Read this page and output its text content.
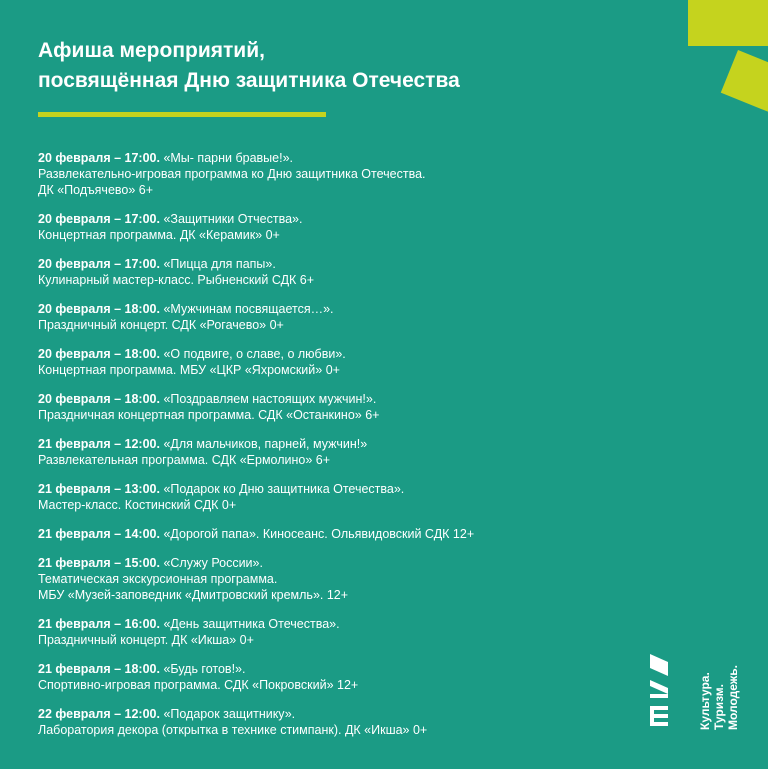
Афиша мероприятий,
посвящённая Дню защитника Отечества
20 февраля – 17:00. «Мы- парни бравые!».
Развлекательно-игровая программа ко Дню защитника Отечества.
ДК «Подъячево» 6+
20 февраля – 17:00. «Защитники Отчества».
Концертная программа. ДК «Керамик» 0+
20 февраля – 17:00. «Пицца для папы».
Кулинарный мастер-класс. Рыбненский СДК 6+
20 февраля – 18:00. «Мужчинам посвящается…».
Праздничный концерт. СДК «Рогачево» 0+
20 февраля – 18:00. «О подвиге, о славе, о любви».
Концертная программа. МБУ «ЦКР «Яхромский» 0+
20 февраля – 18:00. «Поздравляем настоящих мужчин!».
Праздничная концертная программа. СДК «Останкино» 6+
21 февраля – 12:00. «Для мальчиков, парней, мужчин!»
Развлекательная программа. СДК «Ермолино» 6+
21 февраля – 13:00. «Подарок ко Дню защитника Отечества».
Мастер-класс. Костинский СДК 0+
21 февраля – 14:00. «Дорогой папа». Киносеанс. Ольявидовский СДК 12+
21 февраля – 15:00. «Служу России».
Тематическая экскурсионная программа.
МБУ «Музей-заповедник «Дмитровский кремль». 12+
21 февраля – 16:00. «День защитника Отечества».
Праздничный концерт. ДК «Икша» 0+
21 февраля – 18:00. «Будь готов!».
Спортивно-игровая программа. СДК «Покровский» 12+
22 февраля – 12:00. «Подарок защитнику».
Лаборатория декора (открытка в технике стимпанк). ДК «Икша» 0+	Культура. Туризм. Молодежь.
